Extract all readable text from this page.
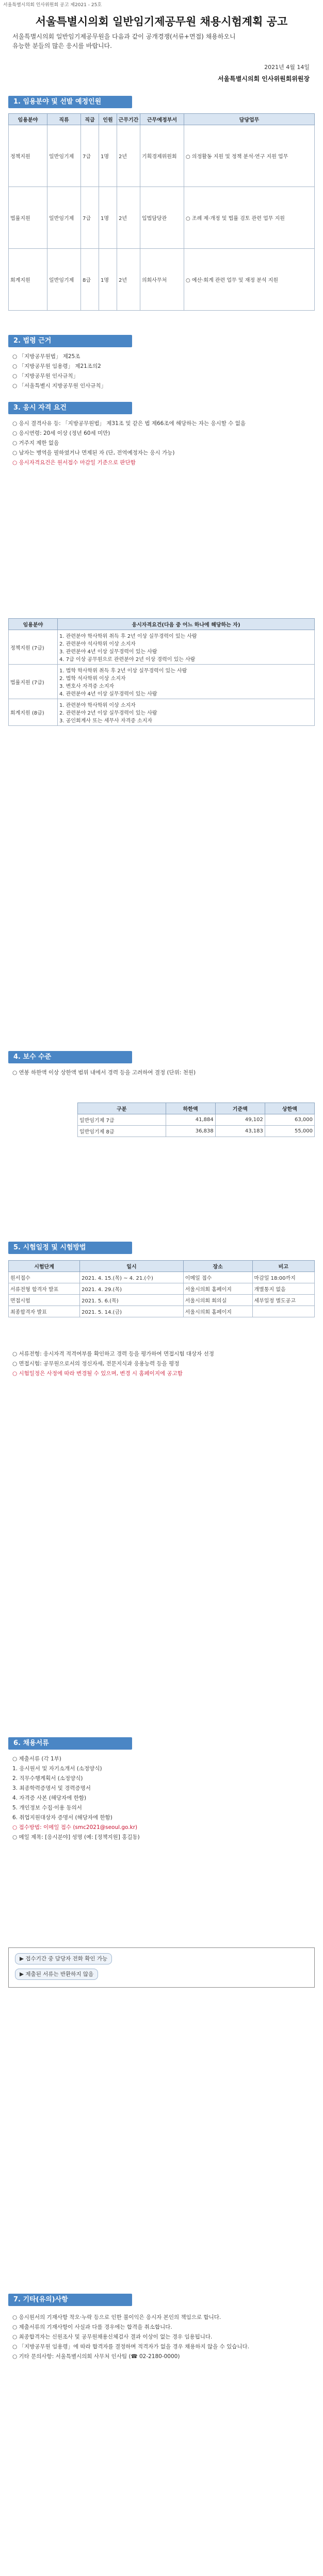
서울특별시의회 인사위원회 공고 제2021 - 25호
서울특별시의회 일반임기제공무원 채용시험계획 공고
서울특별시의회 일반임기제공무원을 다음과 같이 공개경쟁(서류+면접) 채용하오니
유능한 분들의 많은 응시를 바랍니다.
2021년 4월 14일
서울특별시의회 인사위원회위원장
1. 임용분야 및 선발 예정인원
임용분야	직류	직급	인원	근무기간	근무예정부서	담당업무
정책지원	일반임기제	7급	1명	2년	기획경제위원회	○ 의정활동 지원 및 정책 분석·연구 지원 업무
법률지원	일반임기제	7급	1명	2년	입법담당관	○ 조례 제·개정 및 법률 검토 관련 업무 지원
회계지원	일반임기제	8급	1명	2년	의회사무처	○ 예산·회계 관련 업무 및 재정 분석 지원
2. 법령 근거

○ 「지방공무원법」 제25조

○ 「지방공무원 임용령」 제21조의2

○ 「지방공무원 인사규칙」

○ 「서울특별시 지방공무원 인사규칙」

3. 응시 자격 요건

○ 응시 결격사유 등: 「지방공무원법」 제31조 및 같은 법 제66조에 해당하는 자는 응시할 수 없음

○ 응시연령: 20세 이상 (정년 60세 미만)

○ 거주지 제한 없음

○ 남자는 병역을 필하였거나 면제된 자 (단, 전역예정자는 응시 가능)

○ 응시자격요건은 원서접수 마감일 기준으로 판단함

임용분야	응시자격요건(다음 중 어느 하나에 해당하는 자)
정책지원 (7급)	1. 관련분야 학사학위 취득 후 2년 이상 실무경력이 있는 사람
2. 관련분야 석사학위 이상 소지자
3. 관련분야 4년 이상 실무경력이 있는 사람
4. 7급 이상 공무원으로 관련분야 2년 이상 경력이 있는 사람

법률지원 (7급)	1. 법학 학사학위 취득 후 2년 이상 실무경력이 있는 사람
2. 법학 석사학위 이상 소지자
3. 변호사 자격증 소지자
4. 관련분야 4년 이상 실무경력이 있는 사람

회계지원 (8급)	1. 관련분야 학사학위 이상 소지자
2. 관련분야 2년 이상 실무경력이 있는 사람
3. 공인회계사 또는 세무사 자격증 소지자
4. 보수 수준
○ 연봉 하한액 이상 상한액 범위 내에서 경력 등을 고려하여 결정 (단위: 천원)
구분	하한액	기준액	상한액
일반임기제 7급	41,884	49,102	63,000
일반임기제 8급	36,838	43,183	55,000
5. 시험일정 및 시험방법
시험단계	일시	장소	비고
원서접수	2021. 4. 15.(목) ~ 4. 21.(수)	이메일 접수	마감일 18:00까지
서류전형 합격자 발표	2021. 4. 29.(목)	서울시의회 홈페이지	개별통지 없음
면접시험	2021. 5. 6.(목)	서울시의회 회의실	세부일정 별도공고
최종합격자 발표	2021. 5. 14.(금)	서울시의회 홈페이지	

○ 서류전형: 응시자격 적격여부를 확인하고 경력 등을 평가하여 면접시험 대상자 선정

○ 면접시험: 공무원으로서의 정신자세, 전문지식과 응용능력 등을 평정

○ 시험일정은 사정에 따라 변경될 수 있으며, 변경 시 홈페이지에 공고함

6. 채용서류

○ 제출서류 (각 1부)

1. 응시원서 및 자기소개서 (소정양식)

2. 직무수행계획서 (소정양식)

3. 최종학력증명서 및 경력증명서

4. 자격증 사본 (해당자에 한함)

5. 개인정보 수집·이용 동의서

6. 취업지원대상자 증명서 (해당자에 한함)

○ 접수방법: 이메일 접수 (smc2021@seoul.go.kr)

○ 메일 제목: [응시분야] 성명 (예: [정책지원] 홍길동)

▶ 접수기간 중 담당자 전화 확인 가능

▶ 제출된 서류는 반환하지 않음

7. 기타(유의)사항

○ 응시원서의 기재사항 착오·누락 등으로 인한 불이익은 응시자 본인의 책임으로 합니다.

○ 제출서류의 기재사항이 사실과 다를 경우에는 합격을 취소합니다.

○ 최종합격자는 신원조사 및 공무원채용신체검사 결과 이상이 없는 경우 임용됩니다.

○ 「지방공무원 임용령」에 따라 합격자를 결정하며 적격자가 없을 경우 채용하지 않을 수 있습니다.

○ 기타 문의사항: 서울특별시의회 사무처 인사팀 (☎ 02-2180-0000)
